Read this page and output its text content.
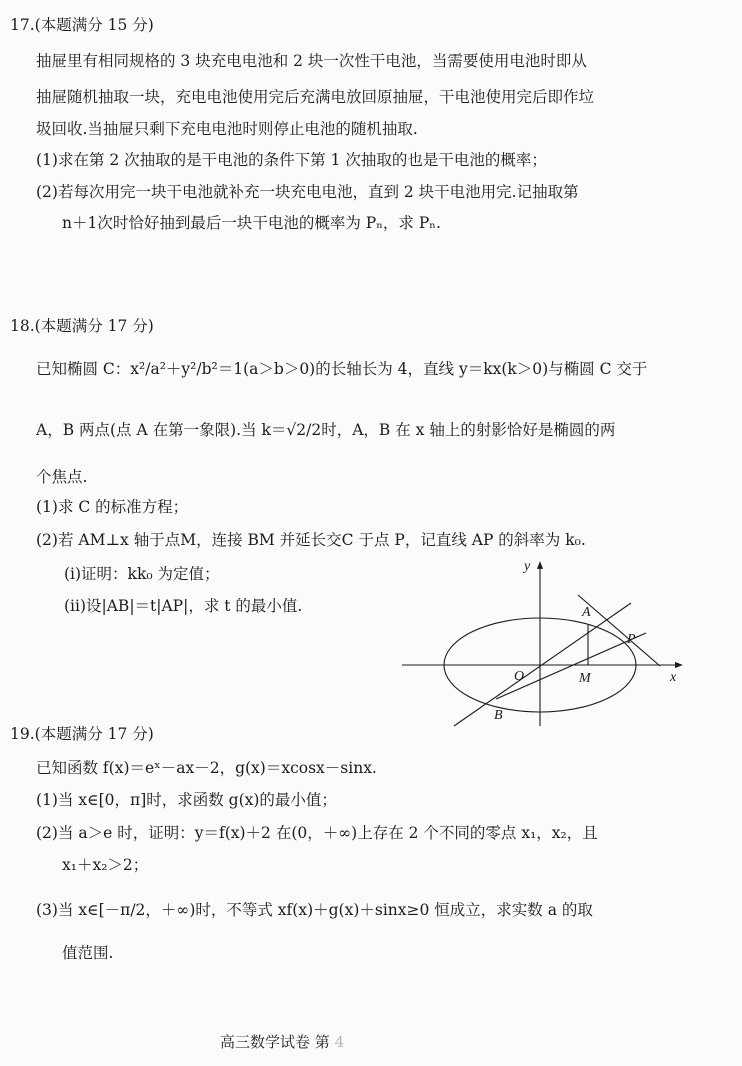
17.(本题满分 15 分)
抽屉里有相同规格的 3 块充电电池和 2 块一次性干电池，当需要使用电池时即从
抽屉随机抽取一块，充电电池使用完后充满电放回原抽屉，干电池使用完后即作垃
圾回收.当抽屉只剩下充电电池时则停止电池的随机抽取.
(1)求在第 2 次抽取的是干电池的条件下第 1 次抽取的也是干电池的概率；
(2)若每次用完一块干电池就补充一块充电电池，直到 2 块干电池用完.记抽取第
n＋1次时恰好抽到最后一块干电池的概率为 Pₙ，求 Pₙ.
18.(本题满分 17 分)
已知椭圆 C：x²/a²＋y²/b²＝1(a＞b＞0)的长轴长为 4，直线 y＝kx(k＞0)与椭圆 C 交于
A，B 两点(点 A 在第一象限).当 k＝√2/2时，A，B 在 x 轴上的射影恰好是椭圆的两
个焦点.
(1)求 C 的标准方程；
(2)若 AM⊥x 轴于点M，连接 BM 并延长交C 于点 P，记直线 AP 的斜率为 k₀.
(i)证明：kk₀ 为定值；
(ii)设|AB|＝t|AP|，求 t 的最小值.
y
x
O
A
P
M
B
19.(本题满分 17 分)
已知函数 f(x)＝eˣ－ax－2，g(x)＝xcosx－sinx.
(1)当 x∈[0，π]时，求函数 g(x)的最小值；
(2)当 a＞e 时，证明：y＝f(x)＋2 在(0，＋∞)上存在 2 个不同的零点 x₁，x₂，且
x₁＋x₂＞2；
(3)当 x∈[－π/2，＋∞)时，不等式 xf(x)＋g(x)＋sinx≥0 恒成立，求实数 a 的取
值范围.
高三数学试卷 第 4
